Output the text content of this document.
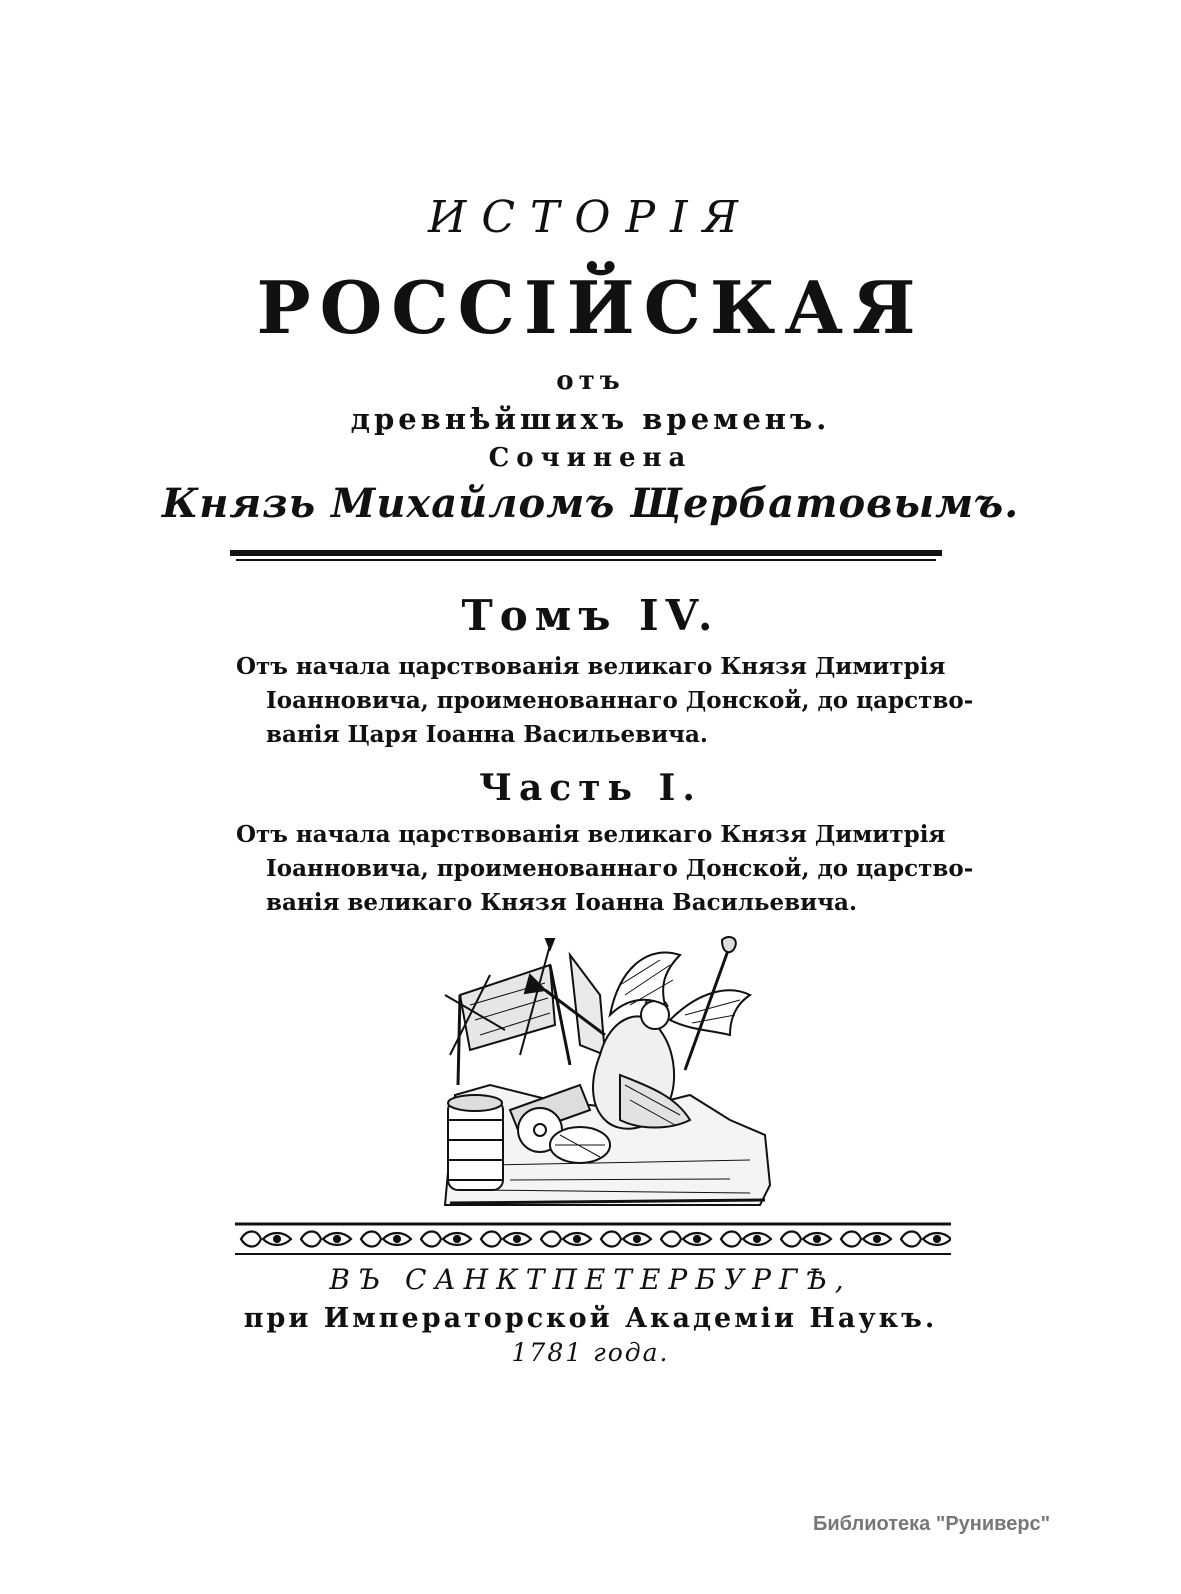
ИСТОРІЯ
РОССІЙСКАЯ
отъ
древнѣйшихъ временъ.
Сочинена
Князь Михайломъ Щербатовымъ.
Томъ IV.
Отъ начала царствованія великаго Князя Димитрія
Іоанновича, проименованнаго Донской, до царство-
ванія Царя Іоанна Васильевича.
Часть I.
Отъ начала царствованія великаго Князя Димитрія
Іоанновича, проименованнаго Донской, до царство-
ванія великаго Князя Іоанна Васильевича.
ВЪ САНКТПЕТЕРБУРГѢ,
при Императорской Академіи Наукъ.
1781 года.
Библиотека "Руниверс"
